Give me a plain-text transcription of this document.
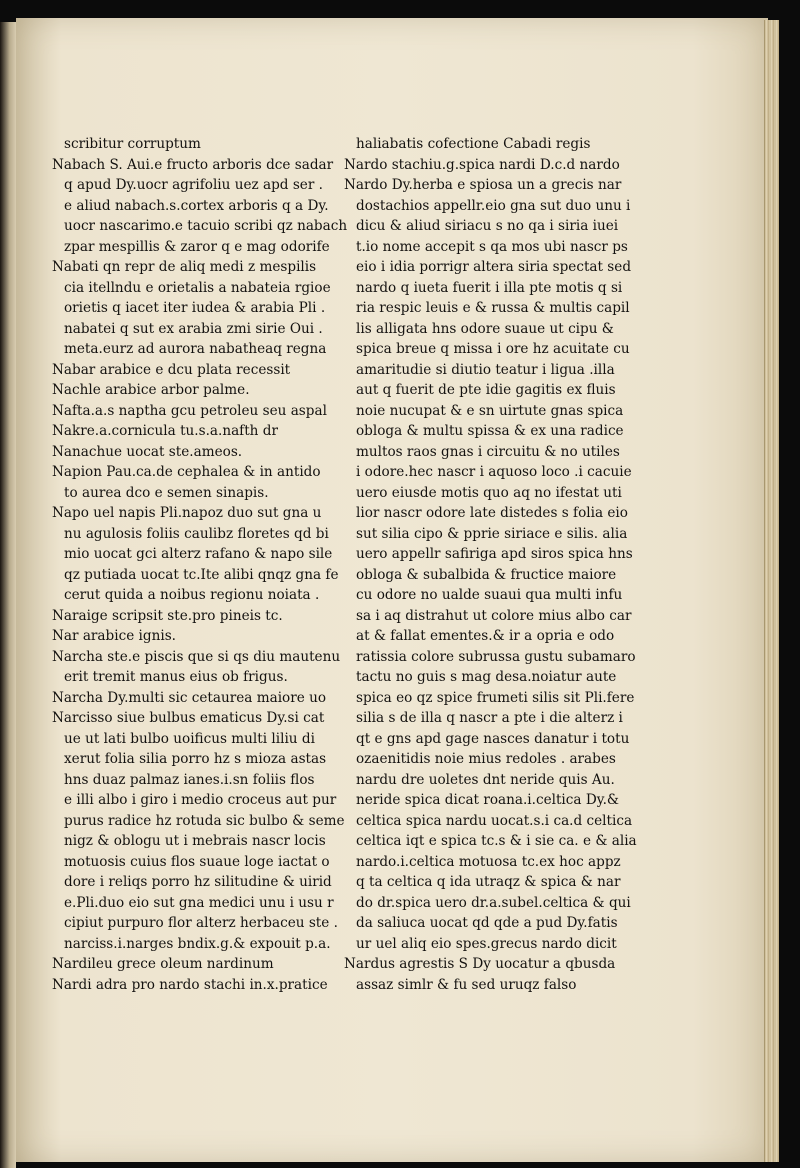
scribitur corruptum
Nabach S. Aui.e fructo arboris dce sadar
q apud Dy.uocr agrifoliu uez apd ser .
e aliud nabach.s.cortex arboris q a Dy.
uocr nascarimo.e tacuio scribi qz nabach
zpar mespillis & zaror q e mag odorife
Nabati qn repr de aliq medi z mespilis
cia itellndu e orietalis a nabateia rgioe
orietis q iacet iter iudea & arabia Pli .
nabatei q sut ex arabia zmi sirie Oui .
meta.eurz ad aurora nabatheaq regna
Nabar arabice e dcu plata recessit
Nachle arabice arbor palme.
Nafta.a.s naptha gcu petroleu seu aspal
Nakre.a.cornicula tu.s.a.nafth dr
Nanachue uocat ste.ameos.
Napion Pau.ca.de cephalea & in antido
to aurea dco e semen sinapis.
Napo uel napis Pli.napoz duo sut gna u
nu agulosis foliis caulibz floretes qd bi
mio uocat gci alterz rafano & napo sile
qz putiada uocat tc.Ite alibi qnqz gna fe
cerut quida a noibus regionu noiata .
Naraige scripsit ste.pro pineis tc.
Nar arabice ignis.
Narcha ste.e piscis que si qs diu mautenu
erit tremit manus eius ob frigus.
Narcha Dy.multi sic cetaurea maiore uo
Narcisso siue bulbus ematicus Dy.si cat
ue ut lati bulbo uoificus multi liliu di
xerut folia silia porro hz s mioza astas
hns duaz palmaz ianes.i.sn foliis flos
e illi albo i giro i medio croceus aut pur
purus radice hz rotuda sic bulbo & seme
nigz & oblogu ut i mebrais nascr locis
motuosis cuius flos suaue loge iactat o
dore i reliqs porro hz silitudine & uirid
e.Pli.duo eio sut gna medici unu i usu r
cipiut purpuro flor alterz herbaceu ste .
narciss.i.narges bndix.g.& expouit p.a.
Nardileu grece oleum nardinum
Nardi adra pro nardo stachi in.x.pratice
haliabatis cofectione Cabadi regis
Nardo stachiu.g.spica nardi D.c.d nardo
Nardo Dy.herba e spiosa un a grecis nar
dostachios appellr.eio gna sut duo unu i
dicu & aliud siriacu s no qa i siria iuei
t.io nome accepit s qa mos ubi nascr ps
eio i idia porrigr altera siria spectat sed
nardo q iueta fuerit i illa pte motis q si
ria respic leuis e & russa & multis capil
lis alligata hns odore suaue ut cipu &
spica breue q missa i ore hz acuitate cu
amaritudie si diutio teatur i ligua .illa
aut q fuerit de pte idie gagitis ex fluis
noie nucupat & e sn uirtute gnas spica
obloga & multu spissa & ex una radice
multos raos gnas i circuitu & no utiles
i odore.hec nascr i aquoso loco .i cacuie
uero eiusde motis quo aq no ifestat uti
lior nascr odore late distedes s folia eio
sut silia cipo & pprie siriace e silis. alia
uero appellr safiriga apd siros spica hns
obloga & subalbida & fructice maiore
cu odore no ualde suaui qua multi infu
sa i aq distrahut ut colore mius albo car
at & fallat ementes.& ir a opria e odo
ratissia colore subrussa gustu subamaro
tactu no guis s mag desa.noiatur aute
spica eo qz spice frumeti silis sit Pli.fere
silia s de illa q nascr a pte i die alterz i
qt e gns apd gage nasces danatur i totu
ozaenitidis noie mius redoles . arabes
nardu dre uoletes dnt neride quis Au.
neride spica dicat roana.i.celtica Dy.&
celtica spica nardu uocat.s.i ca.d celtica
celtica iqt e spica tc.s & i sie ca. e & alia
nardo.i.celtica motuosa tc.ex hoc appz
q ta celtica q ida utraqz & spica & nar
do dr.spica uero dr.a.subel.celtica & qui
da saliuca uocat qd qde a pud Dy.fatis
ur uel aliq eio spes.grecus nardo dicit
Nardus agrestis S Dy uocatur a qbusda
assaz simlr & fu sed uruqz falso
